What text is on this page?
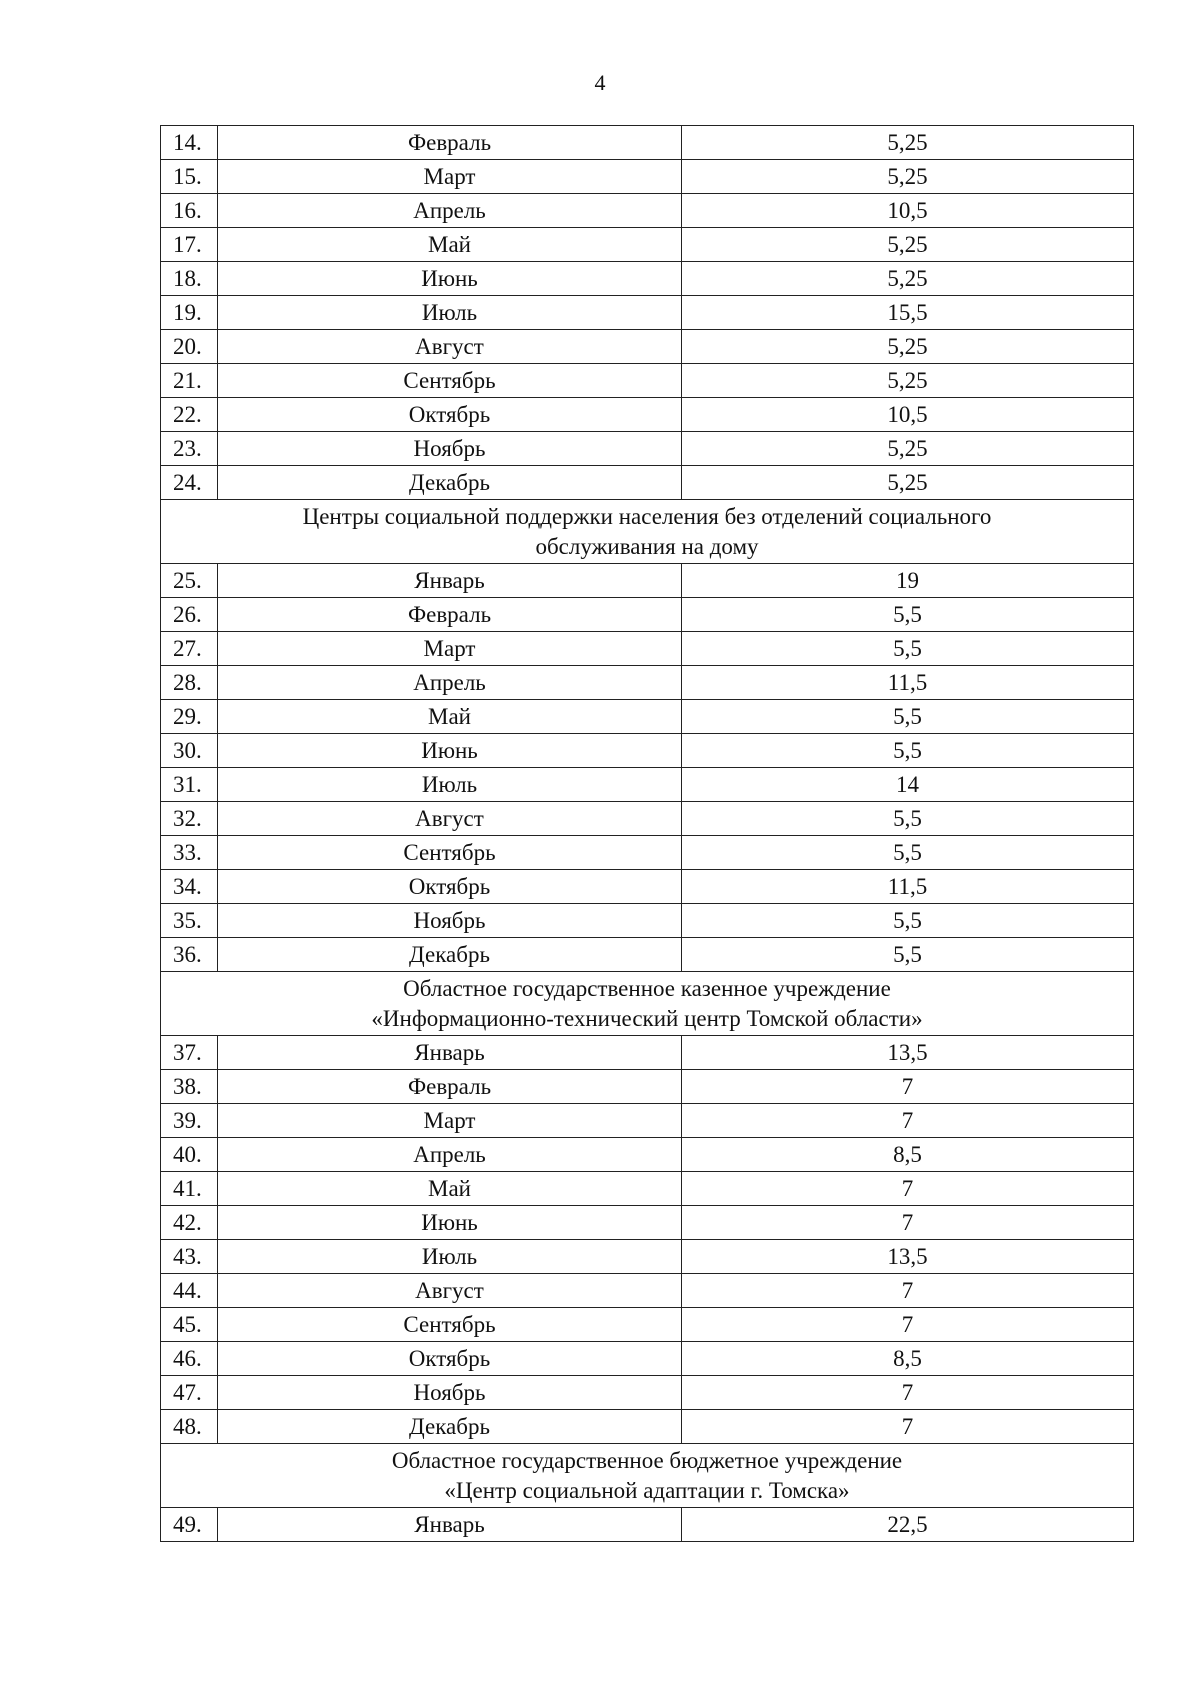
4
14.	Февраль	5,25
15.	Март	5,25
16.	Апрель	10,5
17.	Май	5,25
18.	Июнь	5,25
19.	Июль	15,5
20.	Август	5,25
21.	Сентябрь	5,25
22.	Октябрь	10,5
23.	Ноябрь	5,25
24.	Декабрь	5,25

Центры социальной поддержки населения без отделений социального
обслуживания на дому		

25.	Январь	19
26.	Февраль	5,5
27.	Март	5,5
28.	Апрель	11,5
29.	Май	5,5
30.	Июнь	5,5
31.	Июль	14
32.	Август	5,5
33.	Сентябрь	5,5
34.	Октябрь	11,5
35.	Ноябрь	5,5
36.	Декабрь	5,5

Областное государственное казенное учреждение
«Информационно-технический центр Томской области»		

37.	Январь	13,5
38.	Февраль	7
39.	Март	7
40.	Апрель	8,5
41.	Май	7
42.	Июнь	7
43.	Июль	13,5
44.	Август	7
45.	Сентябрь	7
46.	Октябрь	8,5
47.	Ноябрь	7
48.	Декабрь	7

Областное государственное бюджетное учреждение
«Центр социальной адаптации г. Томска»		

49.	Январь	22,5
